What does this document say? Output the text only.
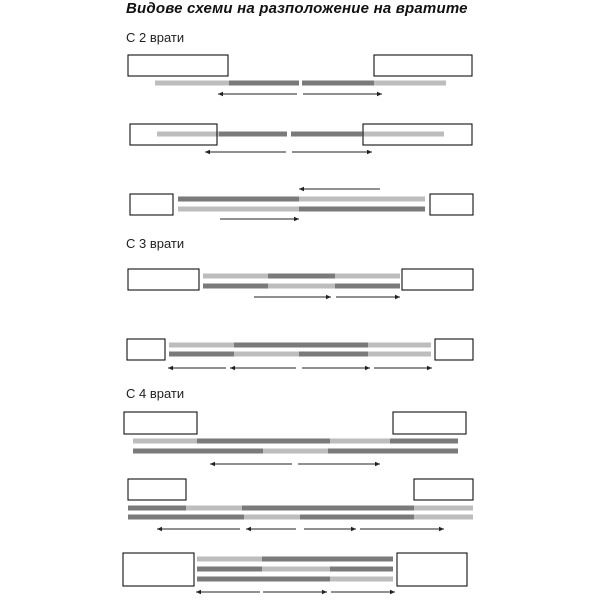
Видове схеми на разположение на вратите
С 2 врати
С 3 врати
С 4 врати
